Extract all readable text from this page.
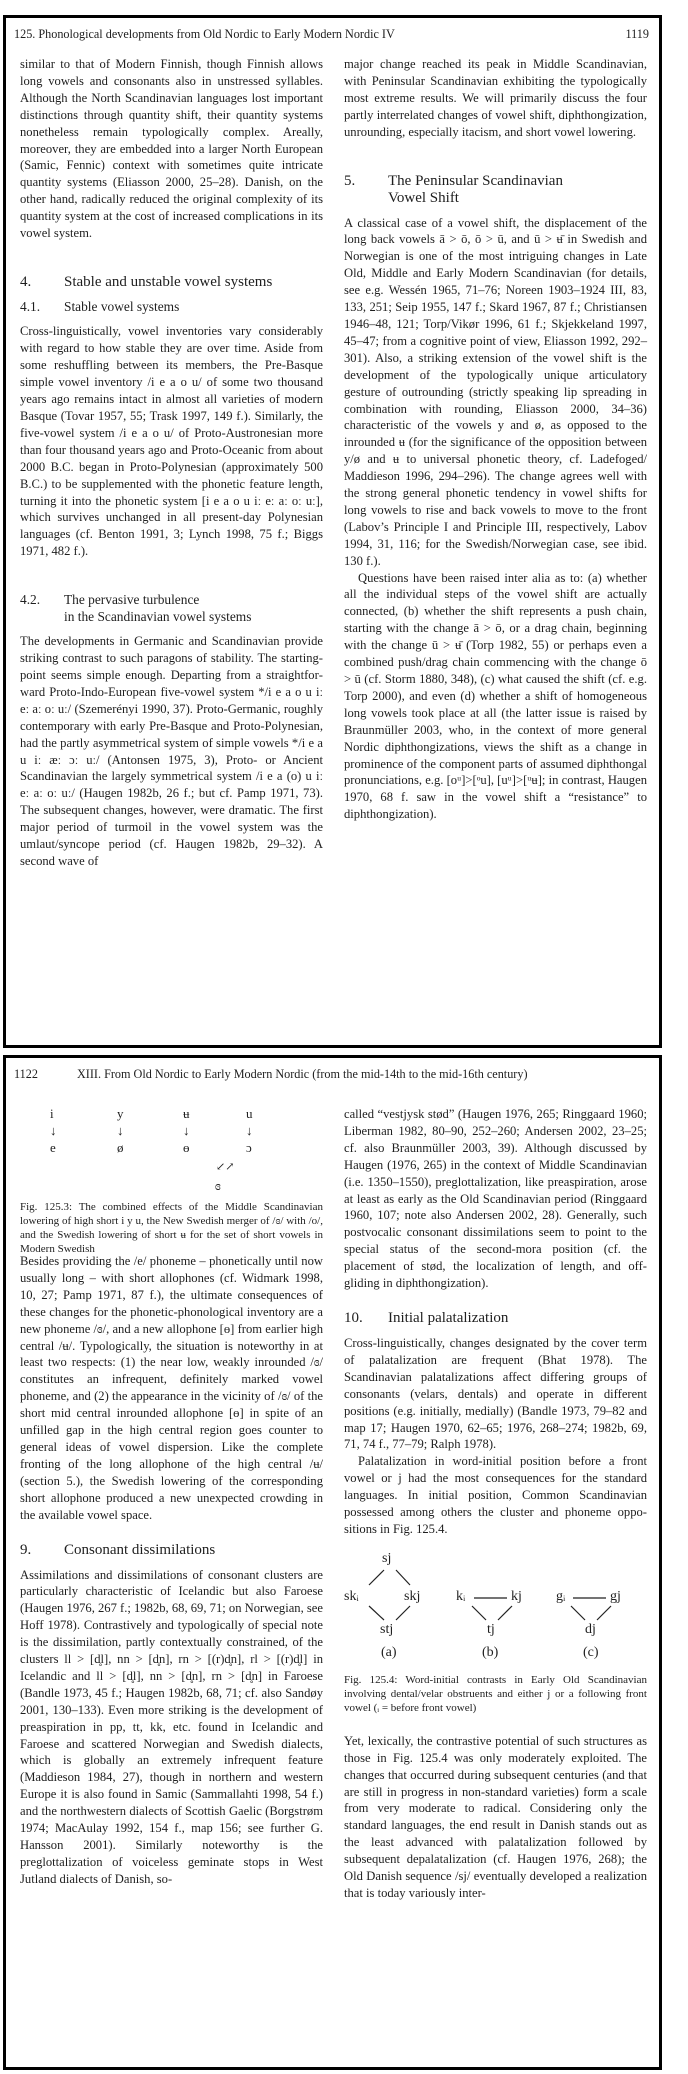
125. Phonological developments from Old Nordic to Early Modern Nordic IV	1119

similar to that of Modern Finnish, though Finnish allows long vowels and consonants also in unstressed syllables. Although the North Scandinavian languages lost important distinctions through quantity shift, their quantity systems nonetheless remain typologically complex. Areally, moreover, they are embedded into a larger North European (Samic, Fennic) context with sometimes quite intricate quantity systems (Eliasson 2000, 25–28). Danish, on the other hand, radically reduced the original complexity of its quantity system at the cost of increased complications in its vowel system.

4.	Stable and unstable vowel systems
4.1.	Stable vowel systems

Cross-linguistically, vowel inventories vary considerably with regard to how stable they are over time. Aside from some reshuffling between its members, the Pre-Basque simple vowel inventory /i e a o u/ of some two thousand years ago remains intact in almost all varieties of modern Basque (Tovar 1957, 55; Trask 1997, 149 f.). Similarly, the five-vowel system /i e a o u/ of Proto-Austronesian more than four thousand years ago and Proto-Oceanic from about 2000 B.C. began in Proto-Polynesian (approximately 500 B.C.) to be supplemented with the phonetic feature length, turning it into the phonetic system [i e a o u iː eː aː oː uː], which survives unchanged in all present-day Polynesian languages (cf. Benton 1991, 3; Lynch 1998, 75 f.; Biggs 1971, 482 f.).

4.2.	The pervasive turbulence
in the Scandinavian vowel systems

The developments in Germanic and Scandinavian provide striking contrast to such paragons of stability. The starting-point seems simple enough. Departing from a straightforward Proto-Indo-European five-vowel system */i e a o u iː eː aː oː uː/ (Szemerényi 1990, 37). Proto-Germanic, roughly contemporary with early Pre-Basque and Proto-Polynesian, had the partly asymmetrical system of simple vowels */i e a u iː æː ɔː uː/ (Antonsen 1975, 3), Proto- or Ancient Scandinavian the largely symmetrical system /i e a (o) u iː eː aː oː uː/ (Haugen 1982b, 26 f.; but cf. Pamp 1971, 73). The subsequent changes, however, were dramatic. The first major period of turmoil in the vowel system was the umlaut/syncope period (cf. Haugen 1982b, 29–32). A second wave of

major change reached its peak in Middle Scandinavian, with Peninsular Scandinavian exhibiting the typologically most extreme results. We will primarily discuss the four partly interrelated changes of vowel shift, diphthongization, unrounding, especially itacism, and short vowel lowering.

5.	The Peninsular Scandinavian
Vowel Shift

A classical case of a vowel shift, the displacement of the long back vowels ā > ō, ō > ū, and ū > ʉ̄ in Swedish and Norwegian is one of the most intriguing changes in Late Old, Middle and Early Modern Scandinavian (for details, see e.g. Wessén 1965, 71–76; Noreen 1903–1924 III, 83, 133, 251; Seip 1955, 147 f.; Skard 1967, 87 f.; Christiansen 1946–48, 121; Torp/Vikør 1996, 61 f.; Skjekkeland 1997, 45–47; from a cognitive point of view, Eliasson 1992, 292–301). Also, a striking extension of the vowel shift is the development of the typologically unique articulatory gesture of outrounding (strictly speaking lip spreading in combination with rounding, Eliasson 2000, 34–36) characteristic of the vowels y and ø, as opposed to the inrounded ʉ (for the significance of the opposition between y/ø and ʉ to universal phonetic theory, cf. Ladefoged/ Maddieson 1996, 294–296). The change agrees well with the strong general phonetic tendency in vowel shifts for long vowels to rise and back vowels to move to the front (Labov’s Principle I and Principle III, respectively, Labov 1994, 31, 116; for the Swedish/Norwegian case, see ibid. 130 f.).

Questions have been raised inter alia as to: (a) whether all the individual steps of the vowel shift are actually connected, (b) whether the shift represents a push chain, starting with the change ā > ō, or a drag chain, beginning with the change ū > ʉ̄ (Torp 1982, 55) or perhaps even a combined push/drag chain commencing with the change ō > ū (cf. Storm 1880, 348), (c) what caused the shift (cf. e.g. Torp 2000), and even (d) whether a shift of homogeneous long vowels took place at all (the latter issue is raised by Braunmüller 2003, who, in the context of more general Nordic diphthongizations, views the shift as a change in prominence of the component parts of assumed diphthongal pronunciations, e.g. [oᵘ]>[ᵒu], [uᵘ]>[ᵘʉ]; in contrast, Haugen 1970, 68 f. saw in the vowel shift a “resistance” to diphthongization).

1122	XIII. From Old Nordic to Early Modern Nordic (from the mid-14th to the mid-16th century)
i	y	ʉ	u
↓	↓	↓	↓
e	ø	ɵ	ɔ
↙↗
ɞ

Fig. 125.3: The combined effects of the Middle Scandinavian lowering of high short i y u, the New Swedish merger of /ɞ/ with /o/, and the Swedish lowering of short ʉ for the set of short vowels in Modern Swedish

Besides providing the /e/ phoneme – phonetically until now usually long – with short allophones (cf. Widmark 1998, 10, 27; Pamp 1971, 87 f.), the ultimate consequences of these changes for the phonetic-phonological inventory are a new phoneme /ɞ/, and a new allophone [ɵ] from earlier high central /ʉ/. Typologically, the situation is noteworthy in at least two respects: (1) the near low, weakly inrounded /ɞ/ constitutes an infrequent, definitely marked vowel phoneme, and (2) the appearance in the vicinity of /ɞ/ of the short mid central inrounded allophone [ɵ] in spite of an unfilled gap in the high central region goes counter to general ideas of vowel dispersion. Like the complete fronting of the long allophone of the high central /ʉ/ (section 5.), the Swedish lowering of the corresponding short allophone produced a new unexpected crowding in the available vowel space.

9.	Consonant dissimilations

Assimilations and dissimilations of consonant clusters are particularly characteristic of Icelandic but also Faroese (Haugen 1976, 267 f.; 1982b, 68, 69, 71; on Norwegian, see Hoff 1978). Contrastively and typologically of special note is the dissimilation, partly contextually constrained, of the clusters ll > [d̥l], nn > [d̥n], rn > [(r)d̥n], rl > [(r)d̥l] in Icelandic and ll > [d̥l], nn > [d̥n], rn > [d̥n] in Faroese (Bandle 1973, 45 f.; Haugen 1982b, 68, 71; cf. also Sandøy 2001, 130–133). Even more striking is the development of preaspiration in pp, tt, kk, etc. found in Icelandic and Faroese and scattered Norwegian and Swedish dialects, which is globally an extremely infrequent feature (Maddieson 1984, 27), though in northern and western Europe it is also found in Samic (Sammallahti 1998, 54 f.) and the northwestern dialects of Scottish Gaelic (Borgstrøm 1974; MacAulay 1992, 154 f., map 156; see further G. Hansson 2001). Similarly noteworthy is the preglottalization of voiceless geminate stops in West Jutland dialects of Danish, so-

called “vestjysk stød” (Haugen 1976, 265; Ringgaard 1960; Liberman 1982, 80–90, 252–260; Andersen 2002, 23–25; cf. also Braunmüller 2003, 39). Although discussed by Haugen (1976, 265) in the context of Middle Scandinavian (i.e. 1350–1550), preglottalization, like preaspiration, arose at least as early as the Old Scandinavian period (Ringgaard 1960, 107; note also Andersen 2002, 28). Generally, such postvocalic consonant dissimilations seem to point to the special status of the second-mora position (cf. the placement of stød, the localization of length, and off-gliding in diphthongization).

10.	Initial palatalization

Cross-linguistically, changes designated by the cover term of palatalization are frequent (Bhat 1978). The Scandinavian palatalizations affect differing groups of consonants (velars, dentals) and operate in different positions (e.g. initially, medially) (Bandle 1973, 79–82 and map 17; Haugen 1970, 62–65; 1976, 268–274; 1982b, 69, 71, 74 f., 77–79; Ralph 1978).

Palatalization in word-initial position before a front vowel or j had the most consequences for the standard languages. In initial position, Common Scandinavian possessed among others the cluster and phoneme oppositions in Fig. 125.4.

sj
skᵢ	skj
stj
(a)
kᵢ	kj
tj
(b)
gᵢ	gj
dj
(c)

Fig. 125.4: Word-initial contrasts in Early Old Scandinavian involving dental/velar obstruents and either j or a following front vowel (ᵢ = before front vowel)

Yet, lexically, the contrastive potential of such structures as those in Fig. 125.4 was only moderately exploited. The changes that occurred during subsequent centuries (and that are still in progress in non-standard varieties) form a scale from very moderate to radical. Considering only the standard languages, the end result in Danish stands out as the least advanced with palatalization followed by subsequent depalatalization (cf. Haugen 1976, 268); the Old Danish sequence /sj/ eventually developed a realization that is today variously inter-
